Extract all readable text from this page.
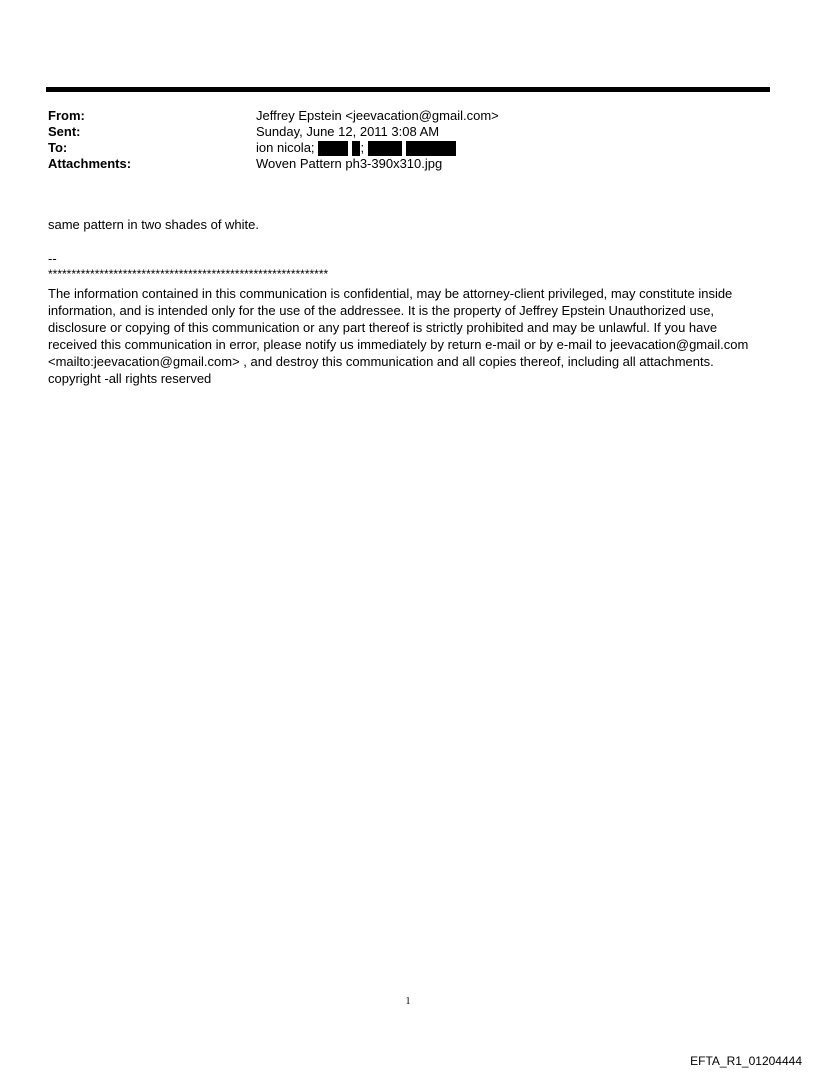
From:	Jeffrey Epstein <jeevacation@gmail.com>
Sent:	Sunday, June 12, 2011 3:08 AM
To:	ion nicola;	;
Attachments:	Woven Pattern ph3-390x310.jpg

same pattern in two shades of white.

--

************************************************************

The information contained in this communication is confidential, may be attorney-client privileged, may constitute inside information, and is intended only for the use of the addressee. It is the property of Jeffrey Epstein Unauthorized use, disclosure or copying of this communication or any part thereof is strictly prohibited and may be unlawful. If you have received this communication in error, please notify us immediately by return e-mail or by e-mail to jeevacation@gmail.com <mailto:jeevacation@gmail.com> , and destroy this communication and all copies thereof, including all attachments. copyright -all rights reserved

1
EFTA_R1_01204444
